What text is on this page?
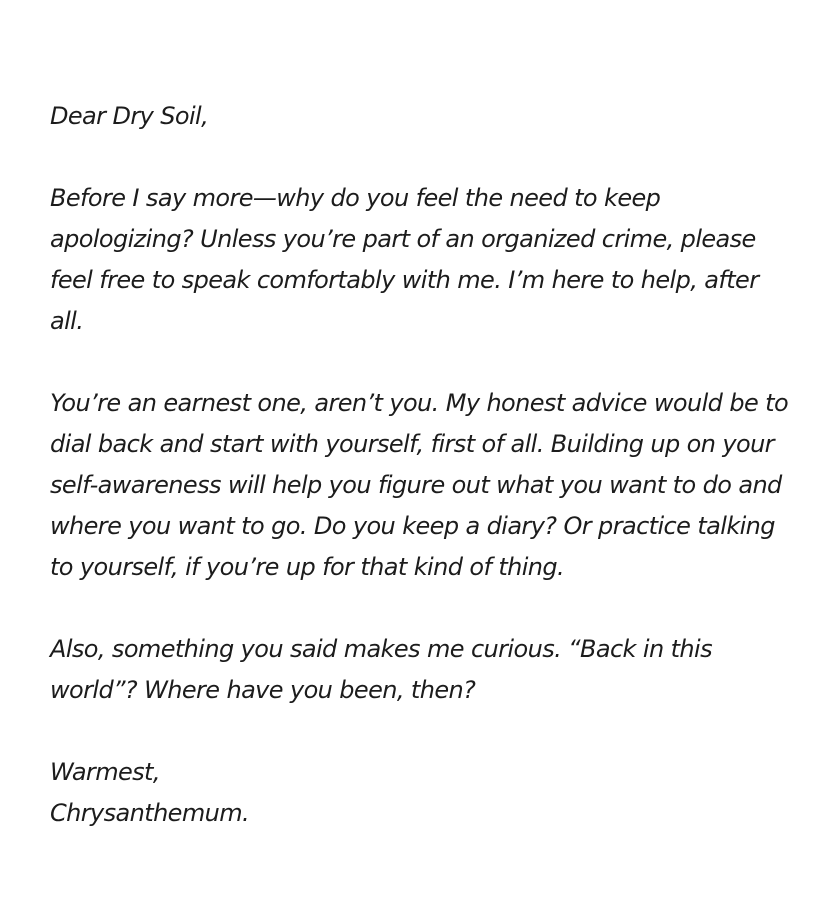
Dear Dry Soil,

Before I say more—why do you feel the need to keep apologizing? Unless you’re part of an organized crime, please feel free to speak comfortably with me. I’m here to help, after all.

You’re an earnest one, aren’t you. My honest advice would be to dial back and start with yourself, first of all. Building up on your self-awareness will help you figure out what you want to do and where you want to go. Do you keep a diary? Or practice talking to yourself, if you’re up for that kind of thing.

Also, something you said makes me curious. “Back in this world”? Where have you been, then?

Warmest,

Chrysanthemum.
